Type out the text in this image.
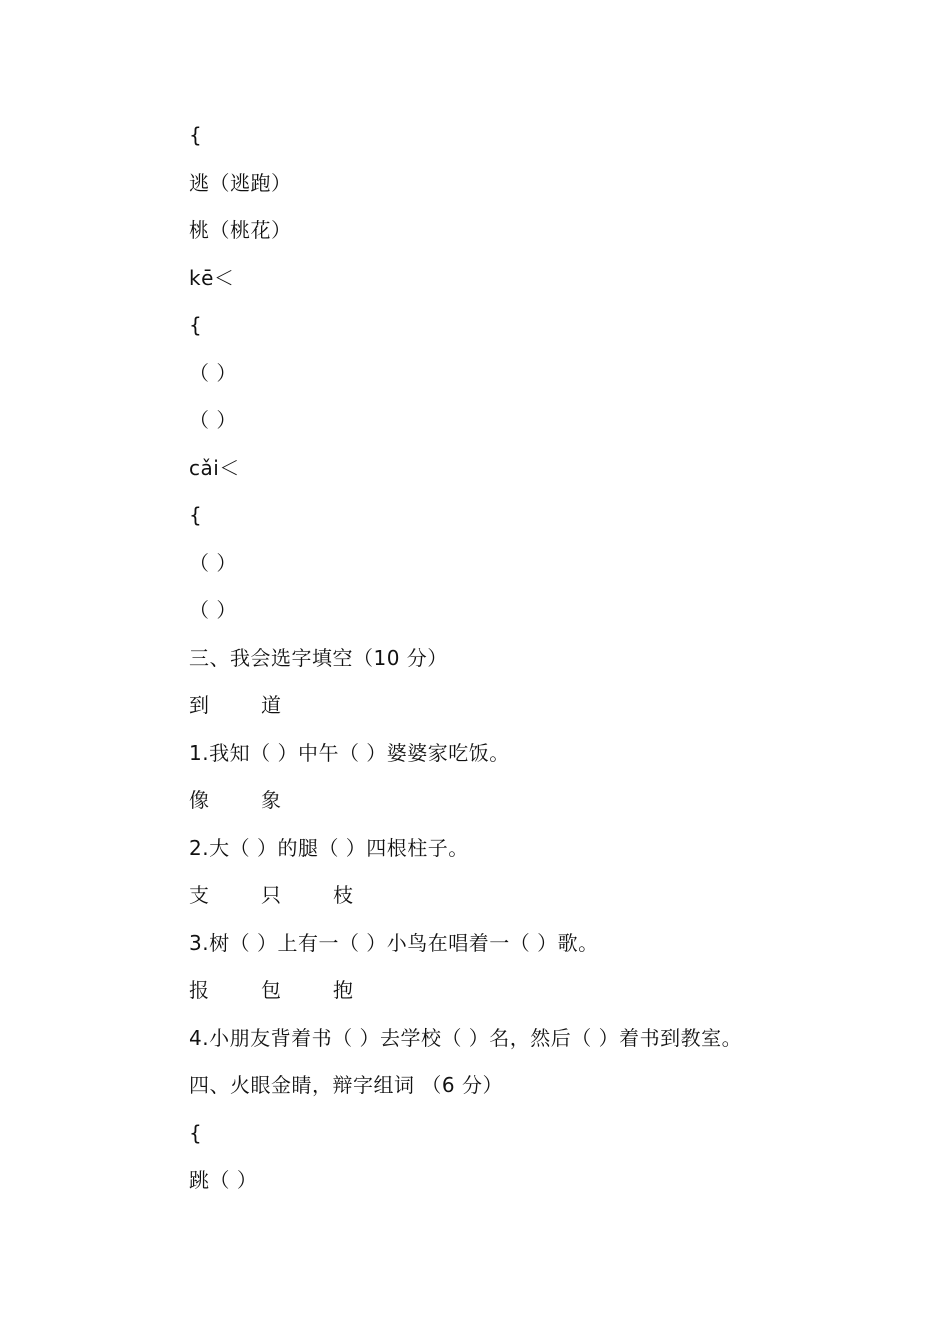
{
逃（逃跑）
桃（桃花）
kē＜
{
（ ）
（ ）
cǎi＜
{
（ ）
（ ）
三、我会选字填空（10 分）
到	道
1.我知（ ）中午（ ）婆婆家吃饭。
像	象
2.大（ ）的腿（ ）四根柱子。
支	只	枝
3.树（ ）上有一（ ）小鸟在唱着一（ ）歌。
报	包	抱
4.小朋友背着书（ ）去学校（ ）名，然后（ ）着书到教室。
四、火眼金睛，辩字组词 （6 分）
{
跳（ ）
